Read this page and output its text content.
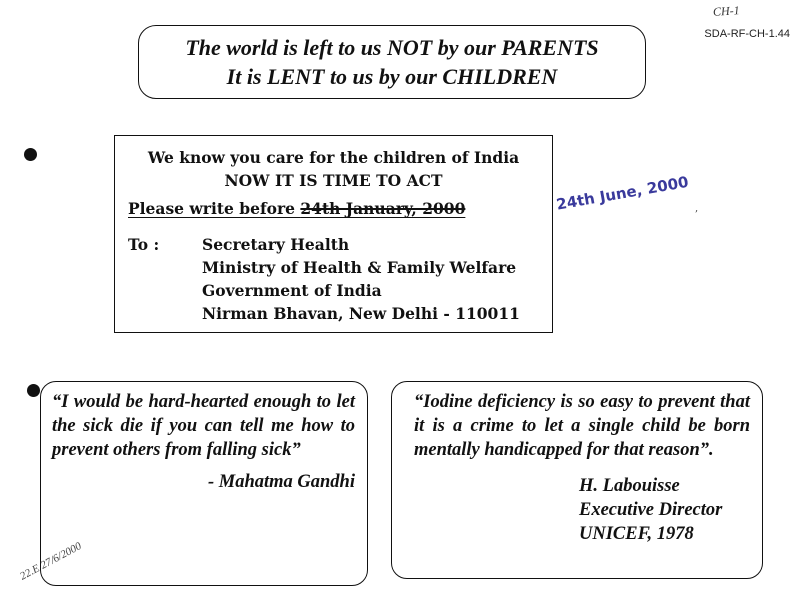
CH-1
SDA-RF-CH-1.44
The world is left to us NOT by our PARENTS
It is LENT to us by our CHILDREN
We know you care for the children of India
NOW IT IS TIME TO ACT
Please write before 24th January, 2000
To :	Secretary Health
Ministry of Health & Family Welfare
Government of India
Nirman Bhavan, New Delhi - 110011
24th June, 2000 ,
“I would be hard-hearted enough to let the sick die if you can tell me how to prevent others from falling sick”
- Mahatma Gandhi
“Iodine deficiency is so easy to prevent that it is a crime to let a single child be born mentally handicapped for that reason”.
H. Labouisse
Executive Director
UNICEF, 1978
22.E 27/6/2000
